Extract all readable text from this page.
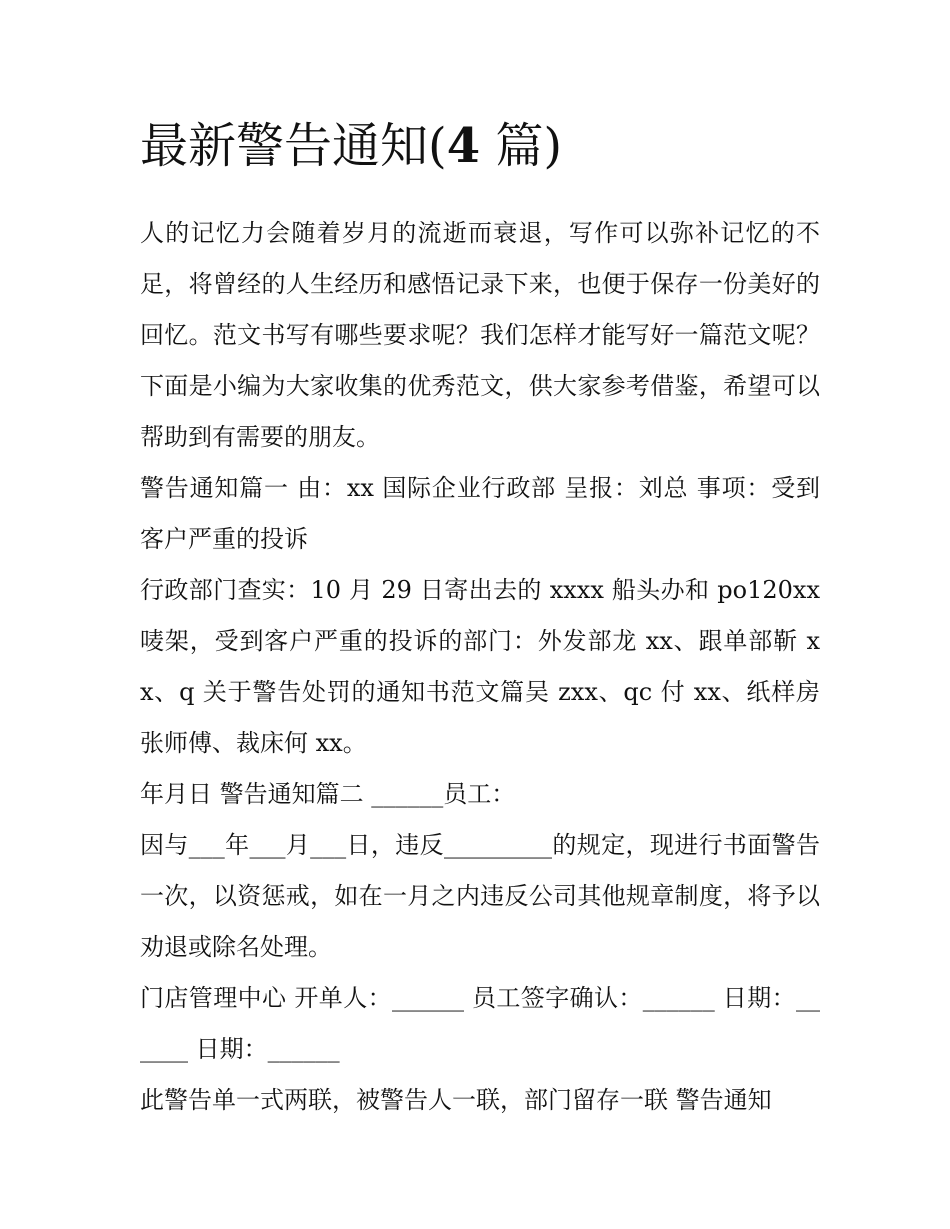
最新警告通知(4 篇)

人的记忆力会随着岁月的流逝而衰退，写作可以弥补记忆的不足，将曾经的人生经历和感悟记录下来，也便于保存一份美好的回忆。范文书写有哪些要求呢？我们怎样才能写好一篇范文呢？下面是小编为大家收集的优秀范文，供大家参考借鉴，希望可以帮助到有需要的朋友。

警告通知篇一 由：xx 国际企业行政部 呈报：刘总 事项：受到客户严重的投诉

行政部门查实：10 月 29 日寄出去的 xxxx 船头办和 po120xx 唛架，受到客户严重的投诉的部门：外发部龙 xx、跟单部靳 xx、q 关于警告处罚的通知书范文篇吴 zxx、qc 付 xx、纸样房张师傅、裁床何 xx。

年月日 警告通知篇二 ______员工：

因与___年___月___日，违反_________的规定，现进行书面警告一次，以资惩戒，如在一月之内违反公司其他规章制度，将予以劝退或除名处理。

门店管理中心 开单人：______ 员工签字确认：______ 日期：______ 日期：______

此警告单一式两联，被警告人一联，部门留存一联 警告通知
